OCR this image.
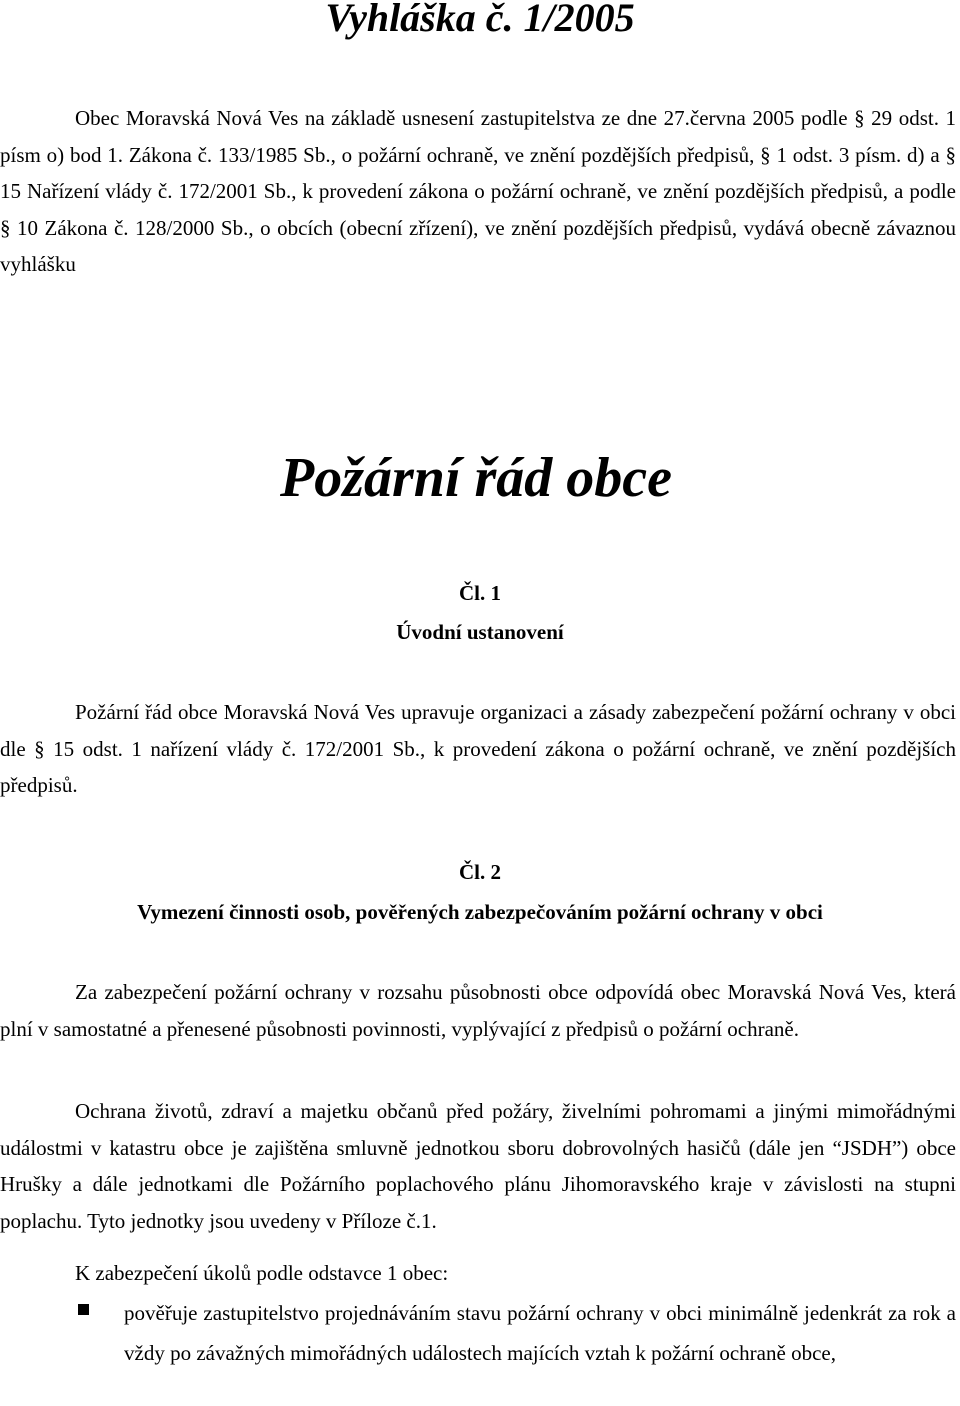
Vyhláška č. 1/2005

Obec Moravská Nová Ves na základě usnesení zastupitelstva ze dne 27.června 2005 podle § 29 odst. 1 písm o) bod 1. Zákona č. 133/1985 Sb., o požární ochraně, ve znění pozdějších předpisů, § 1 odst. 3 písm. d) a § 15 Nařízení vlády č. 172/2001 Sb., k provedení zákona o požární ochraně, ve znění pozdějších předpisů, a podle § 10 Zákona č. 128/2000 Sb., o obcích (obecní zřízení), ve znění pozdějších předpisů, vydává obecně závaznou vyhlášku

Požární řád obce

Čl. 1

Úvodní ustanovení

Požární řád obce Moravská Nová Ves upravuje organizaci a zásady zabezpečení požární ochrany v obci dle § 15 odst. 1 nařízení vlády č. 172/2001 Sb., k provedení zákona o požární ochraně, ve znění pozdějších předpisů.

Čl. 2

Vymezení činnosti osob, pověřených zabezpečováním požární ochrany v obci

Za zabezpečení požární ochrany v rozsahu působnosti obce odpovídá obec Moravská Nová Ves, která plní v samostatné a přenesené působnosti povinnosti, vyplývající z předpisů o požární ochraně.

Ochrana životů, zdraví a majetku občanů před požáry, živelními pohromami a jinými mimořádnými událostmi v katastru obce je zajištěna smluvně jednotkou sboru dobrovolných hasičů (dále jen “JSDH”) obce Hrušky a dále jednotkami dle Požárního poplachového plánu Jihomoravského kraje v závislosti na stupni poplachu. Tyto jednotky jsou uvedeny v Příloze č.1.

K zabezpečení úkolů podle odstavce 1 obec:

pověřuje zastupitelstvo projednáváním stavu požární ochrany v obci minimálně jedenkrát za rok a vždy po závažných mimořádných událostech majících vztah k požární ochraně obce,
